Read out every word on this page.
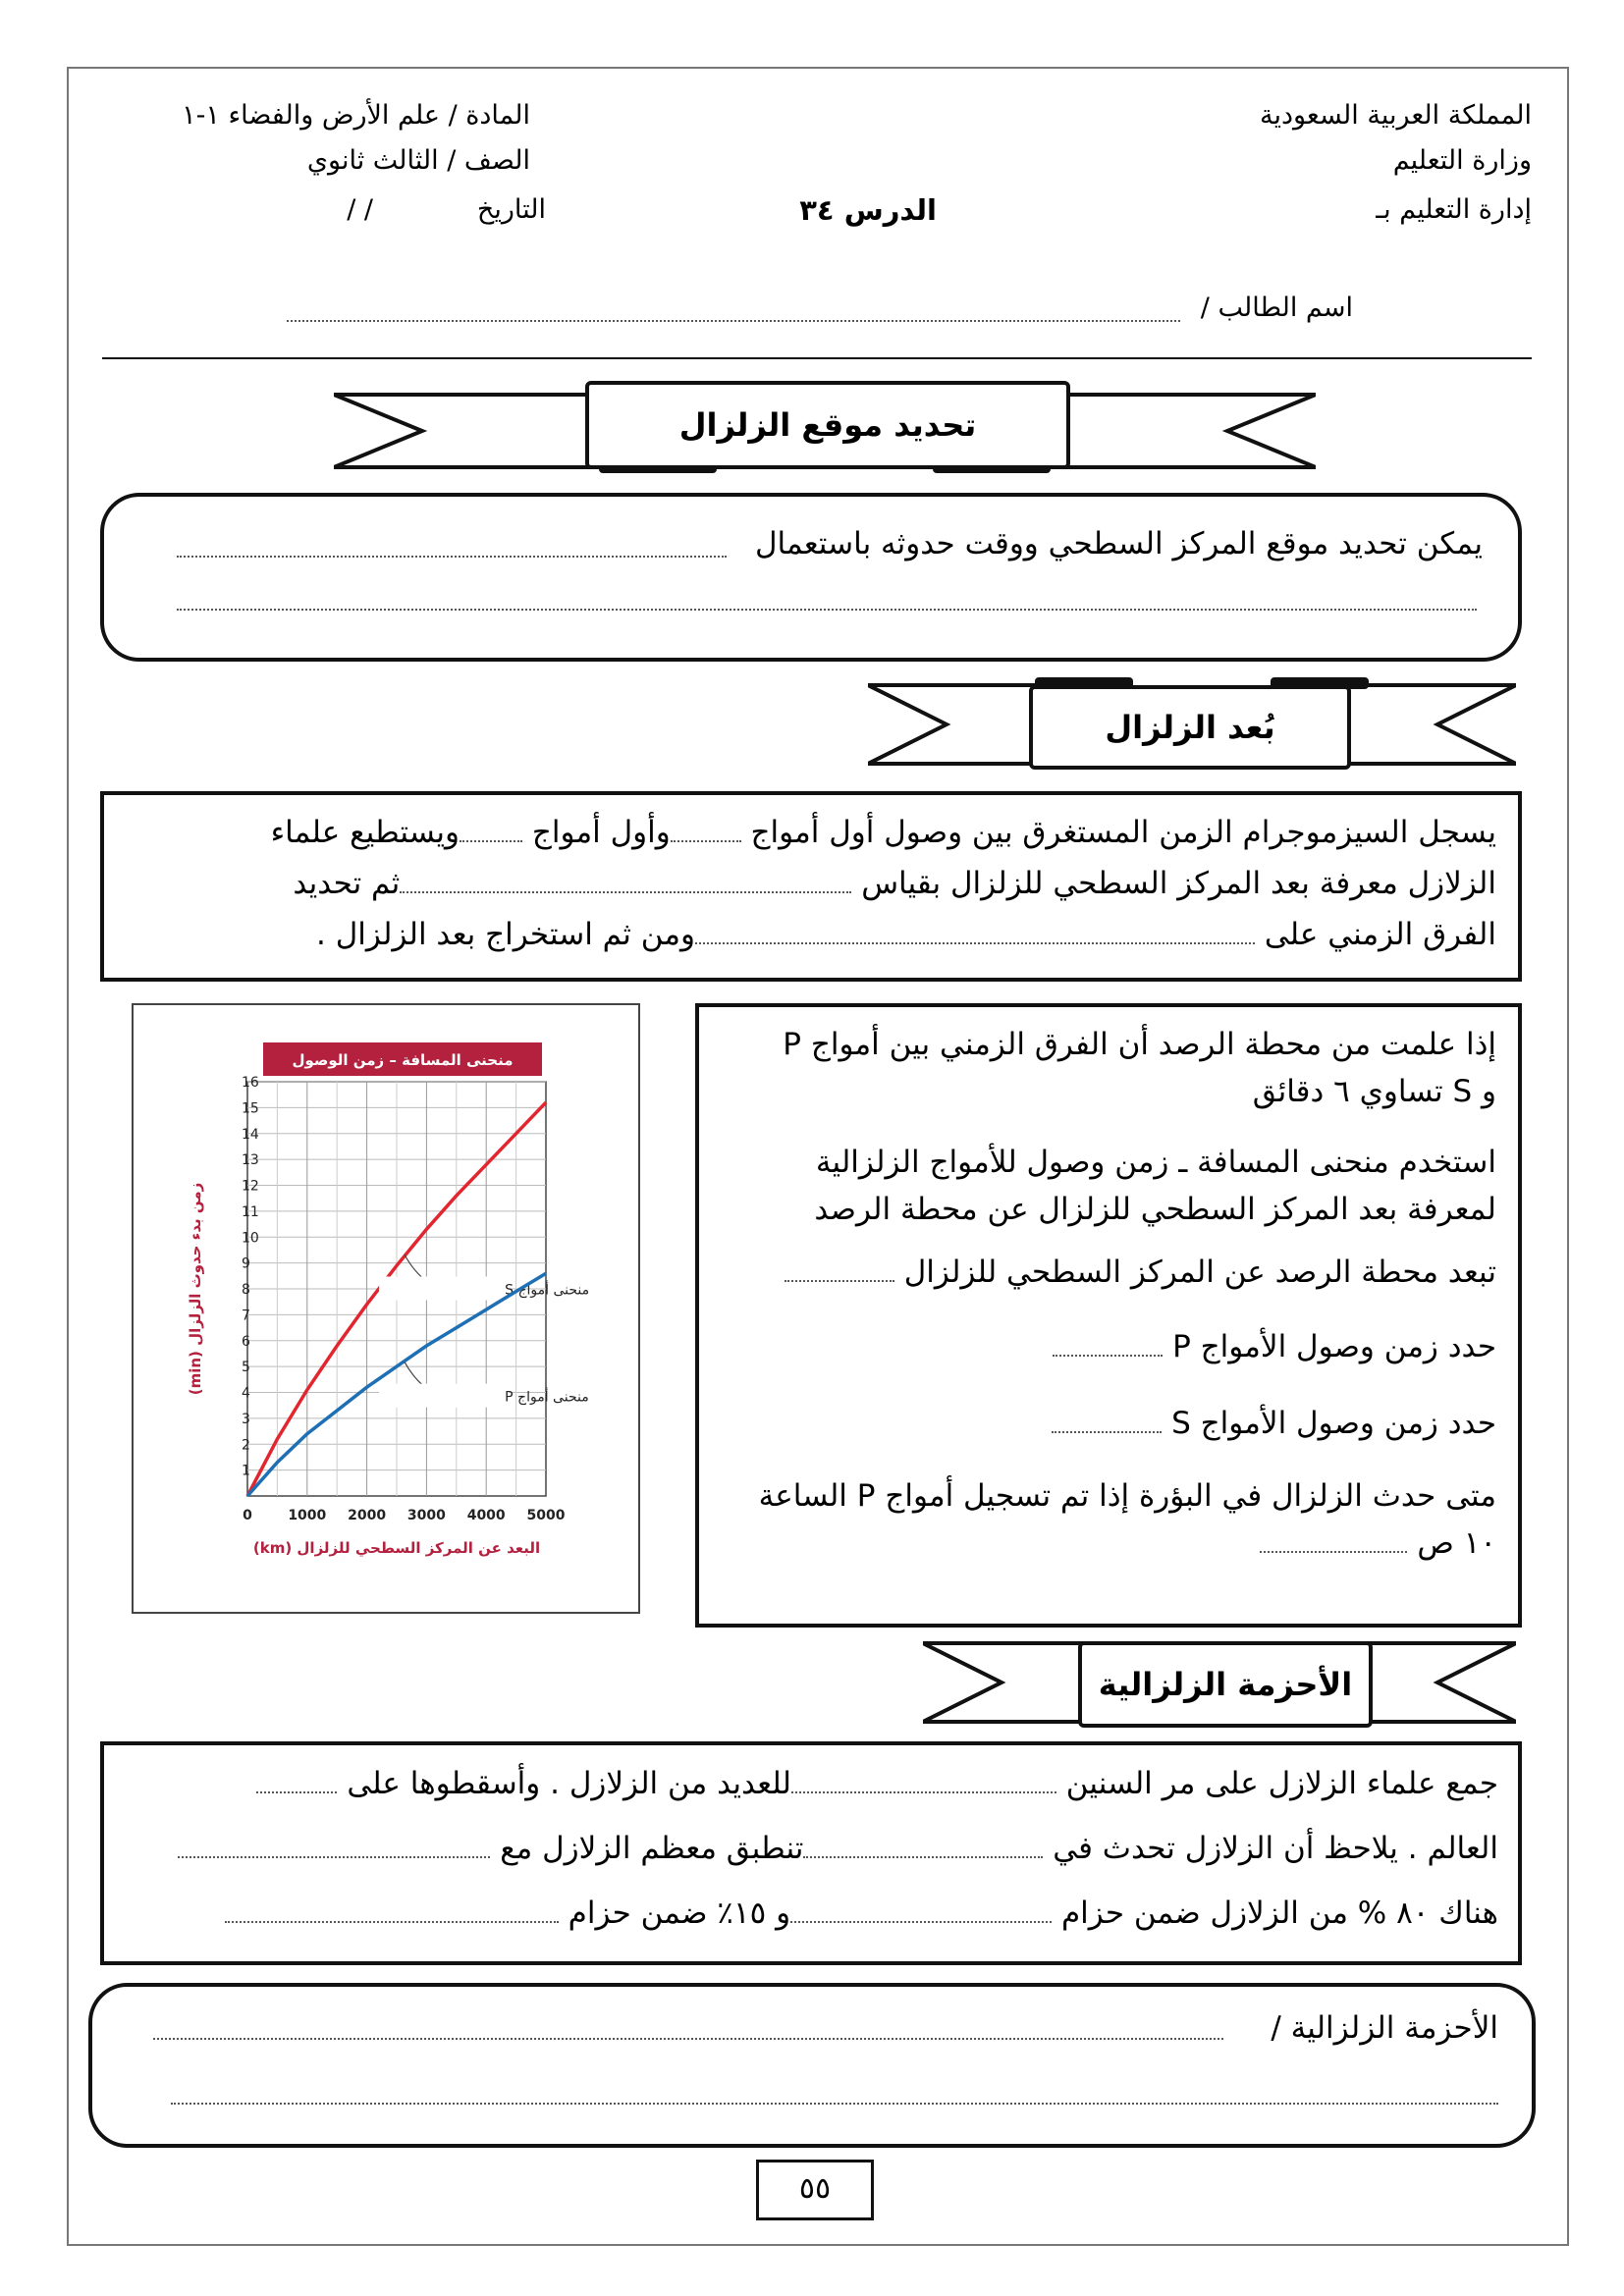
المملكة العربية السعودية
وزارة التعليم
إدارة التعليم بـ
المادة / علم الأرض والفضاء ١-١
الصف / الثالث ثانوي
التاريخ
/ /	الدرس ٣٤
اسم الطالب /
تحديد موقع الزلزال
يمكن تحديد موقع المركز السطحي ووقت حدوثه باستعمال
بُعد الزلزال
يسجل السيزموجرام الزمن المستغرق بين وصول أول أمواج وأول أمواج ويستطيع علماء
الزلازل معرفة بعد المركز السطحي للزلزال بقياس ثم تحديد
الفرق الزمني على ومن ثم استخراج بعد الزلزال .
منحنى المسافة – زمن الوصول
1
2
3
4
5
6
7
8
9
10
11
12
13
14
15
16
0	1000 2000 3000 4000 5000
البعد عن المركز السطحي للزلزال (km)
زمن بدء حدوث الزلزال (min)	منحنى أمواج S
منحنى أمواج P
إذا علمت من محطة الرصد أن الفرق الزمني بين أمواج P
و S تساوي ٦ دقائق
استخدم منحنى المسافة ـ زمن وصول للأمواج الزلزالية
لمعرفة بعد المركز السطحي للزلزال عن محطة الرصد
تبعد محطة الرصد عن المركز السطحي للزلزال
حدد زمن وصول الأمواج P
حدد زمن وصول الأمواج S
متى حدث الزلزال في البؤرة إذا تم تسجيل أمواج P الساعة
١٠ ص
الأحزمة الزلزالية
جمع علماء الزلازل على مر السنين للعديد من الزلازل . وأسقطوها على
العالم . يلاحظ أن الزلازل تحدث في تنطبق معظم الزلازل مع
هناك ٨٠ % من الزلازل ضمن حزام و ١٥٪ ضمن حزام
الأحزمة الزلزالية /
٥٥
